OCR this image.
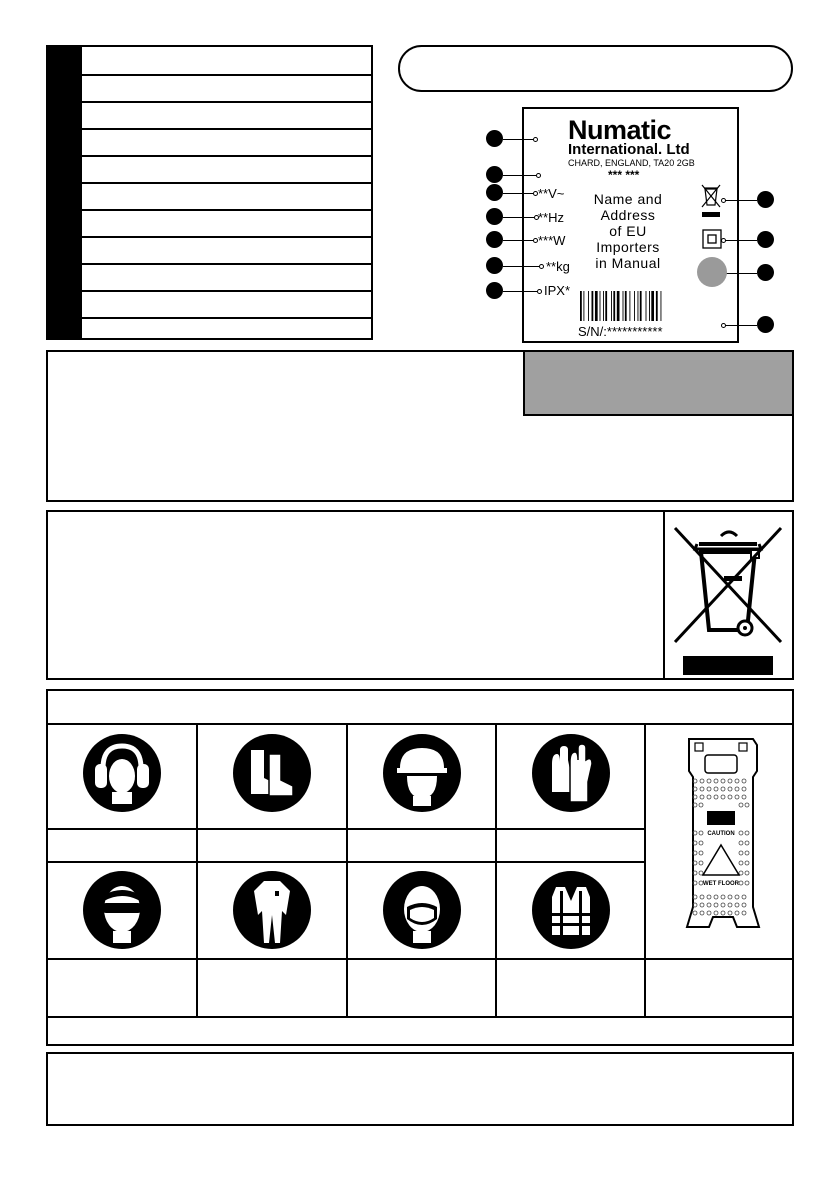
Numatic
International. Ltd
CHARD, ENGLAND, TA20 2GB
*** ***
**V~
**Hz
***W
**kg
IPX*
Name and
Address
of EU
Importers
in Manual
S/N/:***********
CAUTION
WET FLOOR
